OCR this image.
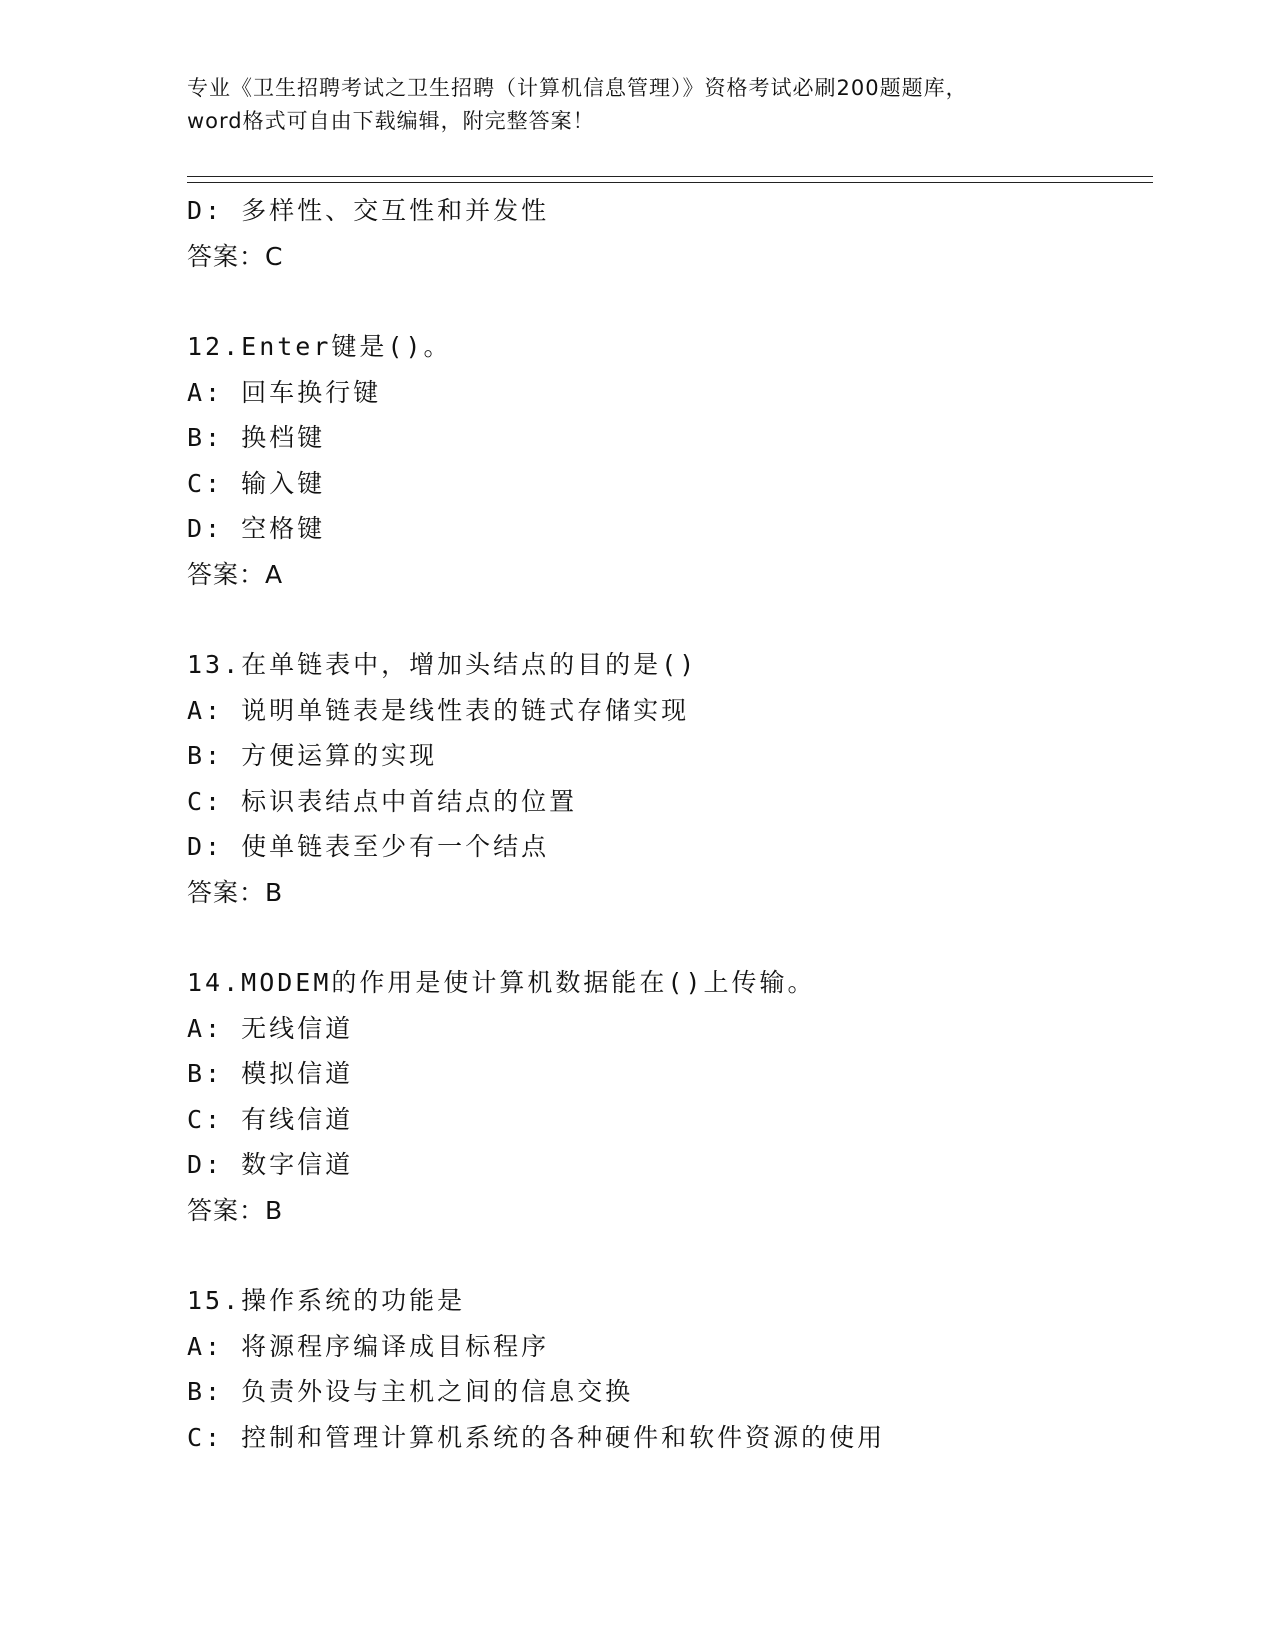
专业《卫生招聘考试之卫生招聘（计算机信息管理）》资格考试必刷200题题库，
word格式可自由下载编辑，附完整答案！
D: 多样性、交互性和并发性
答案：C
12.Enter键是()。
A: 回车换行键
B: 换档键
C: 输入键
D: 空格键
答案：A
13.在单链表中，增加头结点的目的是()
A: 说明单链表是线性表的链式存储实现
B: 方便运算的实现
C: 标识表结点中首结点的位置
D: 使单链表至少有一个结点
答案：B
14.MODEM的作用是使计算机数据能在()上传输。
A: 无线信道
B: 模拟信道
C: 有线信道
D: 数字信道
答案：B
15.操作系统的功能是
A: 将源程序编译成目标程序
B: 负责外设与主机之间的信息交换
C: 控制和管理计算机系统的各种硬件和软件资源的使用
